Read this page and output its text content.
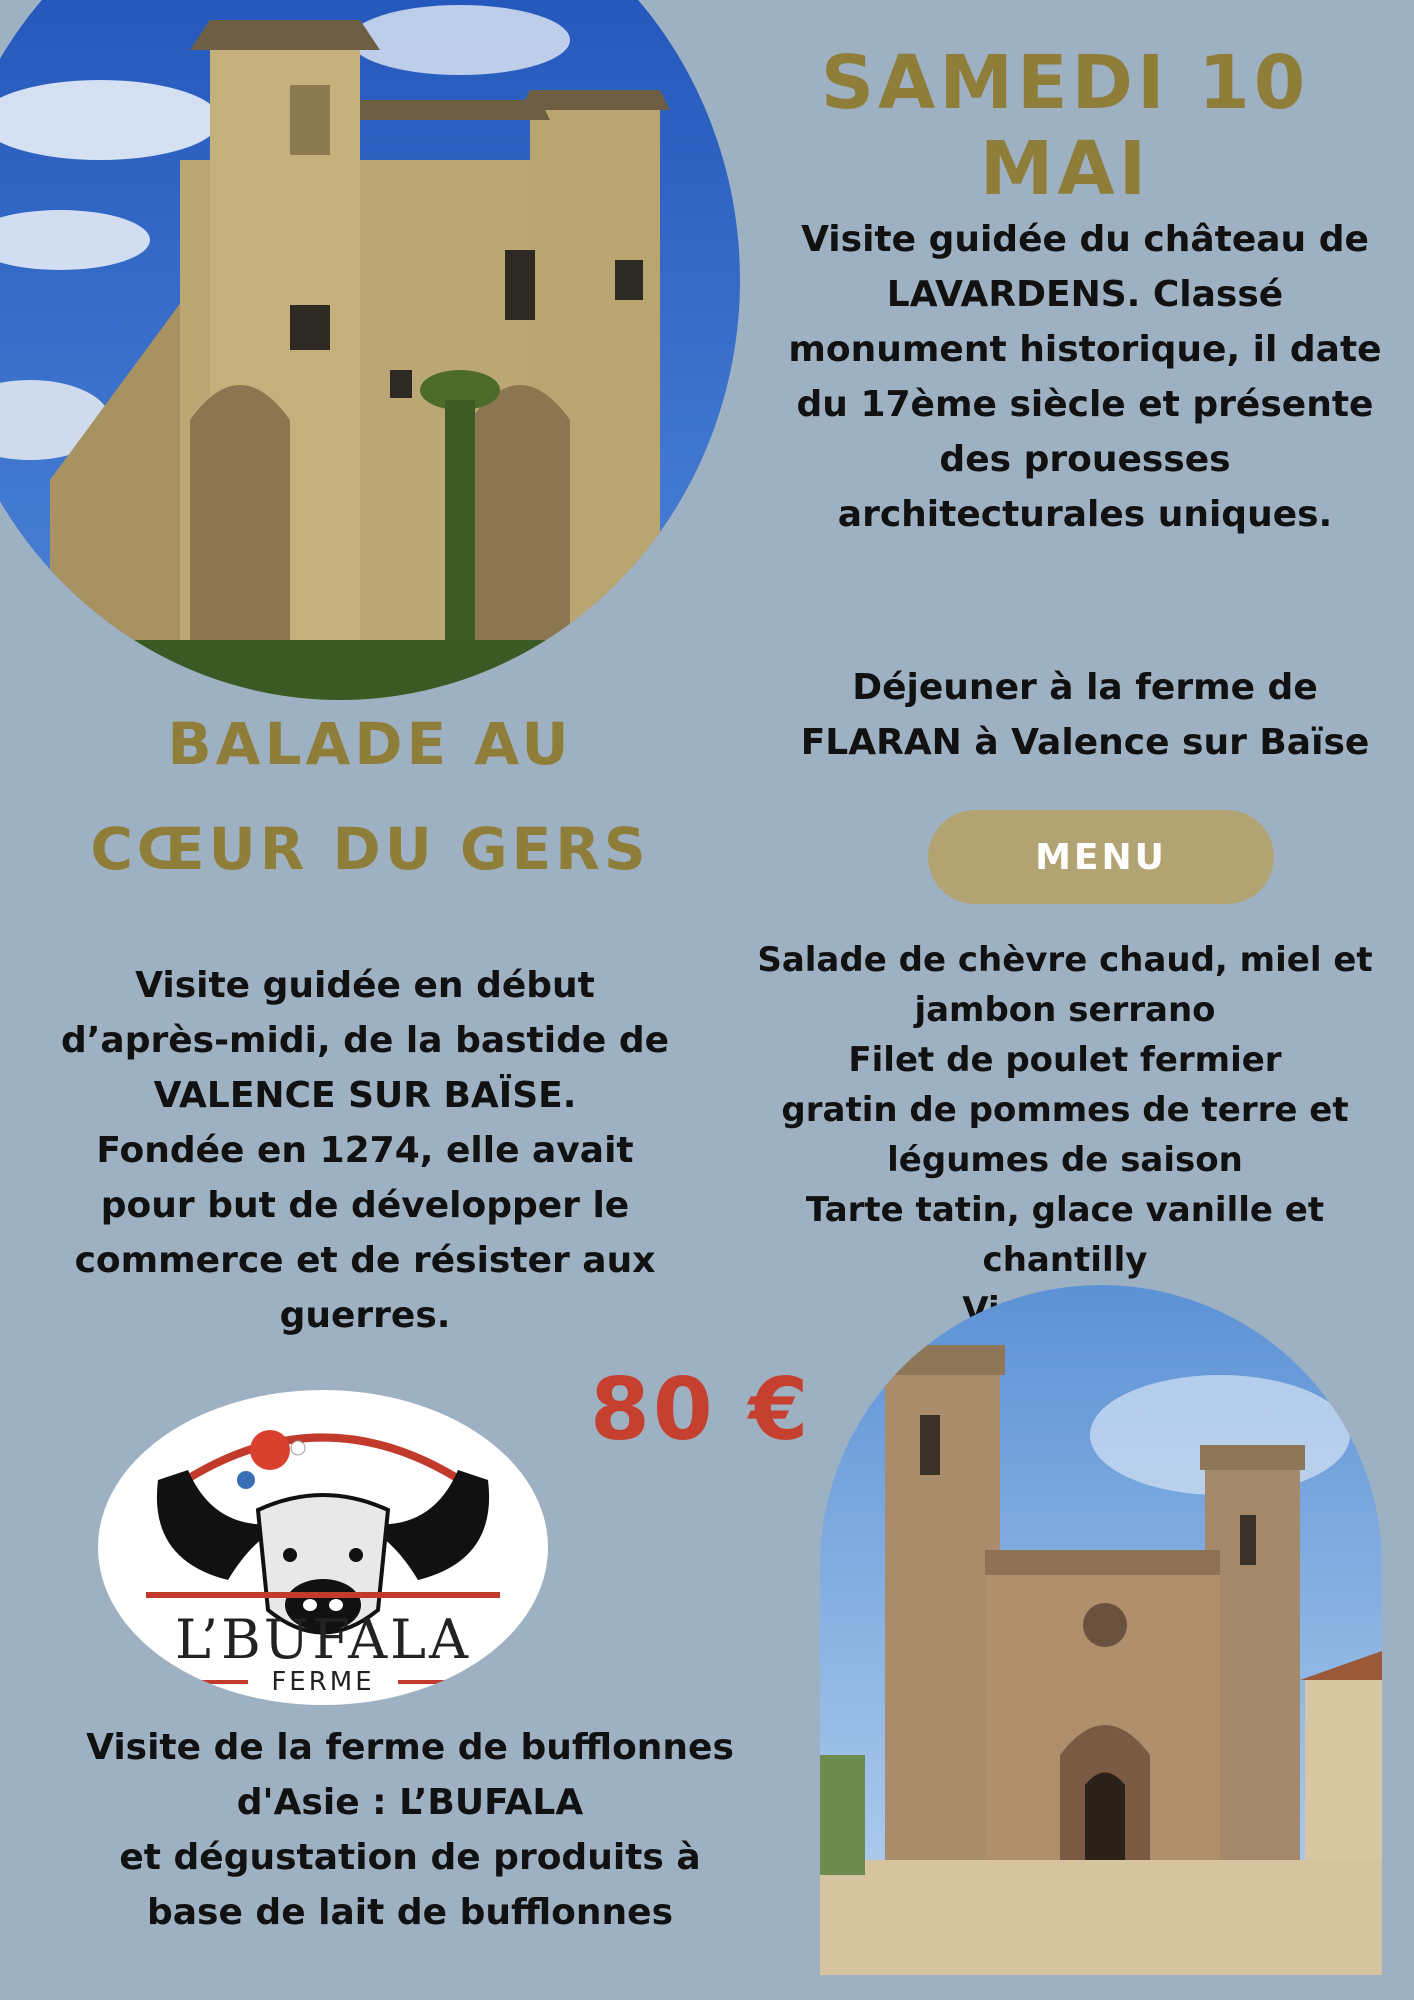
SAMEDI 10 MAI
Visite guidée du château de
LAVARDENS. Classé
monument historique, il date
du 17ème siècle et présente
des prouesses
architecturales uniques.
Déjeuner à la ferme de
FLARAN à Valence sur Baïse
BALADE AU
CŒUR DU GERS	MENU
Salade de chèvre chaud, miel et
jambon serrano
Filet de poulet fermier
gratin de pommes de terre et
légumes de saison
Tarte tatin, glace vanille et chantilly
Visite guidée en début
d’après-midi, de la bastide de
VALENCE SUR BAÏSE.
Fondée en 1274, elle avait
pour but de développer le
commerce et de résister aux
guerres.
80 €
L’BUFALA
FERME
Visite de la ferme de bufflonnes
d'Asie : L’BUFALA
et dégustation de produits à
base de lait de bufflonnes
